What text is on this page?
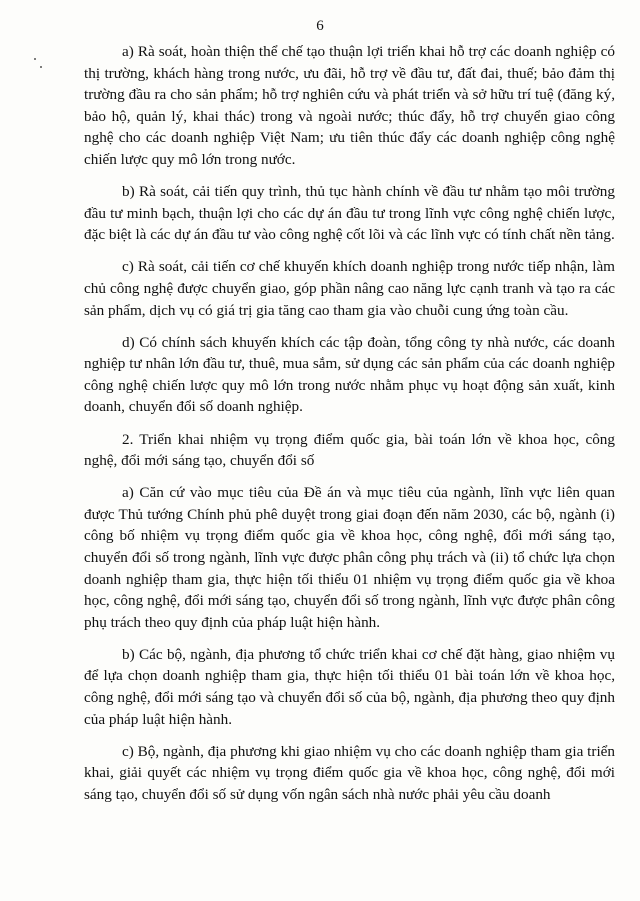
6

a) Rà soát, hoàn thiện thể chế tạo thuận lợi triển khai hỗ trợ các doanh nghiệp có thị trường, khách hàng trong nước, ưu đãi, hỗ trợ về đầu tư, đất đai, thuế; bảo đảm thị trường đầu ra cho sản phẩm; hỗ trợ nghiên cứu và phát triển và sở hữu trí tuệ (đăng ký, bảo hộ, quản lý, khai thác) trong và ngoài nước; thúc đẩy, hỗ trợ chuyển giao công nghệ cho các doanh nghiệp Việt Nam; ưu tiên thúc đẩy các doanh nghiệp công nghệ chiến lược quy mô lớn trong nước.

b) Rà soát, cải tiến quy trình, thủ tục hành chính về đầu tư nhằm tạo môi trường đầu tư minh bạch, thuận lợi cho các dự án đầu tư trong lĩnh vực công nghệ chiến lược, đặc biệt là các dự án đầu tư vào công nghệ cốt lõi và các lĩnh vực có tính chất nền tảng.

c) Rà soát, cải tiến cơ chế khuyến khích doanh nghiệp trong nước tiếp nhận, làm chủ công nghệ được chuyển giao, góp phần nâng cao năng lực cạnh tranh và tạo ra các sản phẩm, dịch vụ có giá trị gia tăng cao tham gia vào chuỗi cung ứng toàn cầu.

d) Có chính sách khuyến khích các tập đoàn, tổng công ty nhà nước, các doanh nghiệp tư nhân lớn đầu tư, thuê, mua sắm, sử dụng các sản phẩm của các doanh nghiệp công nghệ chiến lược quy mô lớn trong nước nhằm phục vụ hoạt động sản xuất, kinh doanh, chuyển đổi số doanh nghiệp.

2. Triển khai nhiệm vụ trọng điểm quốc gia, bài toán lớn về khoa học, công nghệ, đổi mới sáng tạo, chuyển đổi số

a) Căn cứ vào mục tiêu của Đề án và mục tiêu của ngành, lĩnh vực liên quan được Thủ tướng Chính phủ phê duyệt trong giai đoạn đến năm 2030, các bộ, ngành (i) công bố nhiệm vụ trọng điểm quốc gia về khoa học, công nghệ, đổi mới sáng tạo, chuyển đổi số trong ngành, lĩnh vực được phân công phụ trách và (ii) tổ chức lựa chọn doanh nghiệp tham gia, thực hiện tối thiểu 01 nhiệm vụ trọng điểm quốc gia về khoa học, công nghệ, đổi mới sáng tạo, chuyển đổi số trong ngành, lĩnh vực được phân công phụ trách theo quy định của pháp luật hiện hành.

b) Các bộ, ngành, địa phương tổ chức triển khai cơ chế đặt hàng, giao nhiệm vụ để lựa chọn doanh nghiệp tham gia, thực hiện tối thiểu 01 bài toán lớn về khoa học, công nghệ, đổi mới sáng tạo và chuyển đổi số của bộ, ngành, địa phương theo quy định của pháp luật hiện hành.

c) Bộ, ngành, địa phương khi giao nhiệm vụ cho các doanh nghiệp tham gia triển khai, giải quyết các nhiệm vụ trọng điểm quốc gia về khoa học, công nghệ, đổi mới sáng tạo, chuyển đổi số sử dụng vốn ngân sách nhà nước phải yêu cầu doanh
